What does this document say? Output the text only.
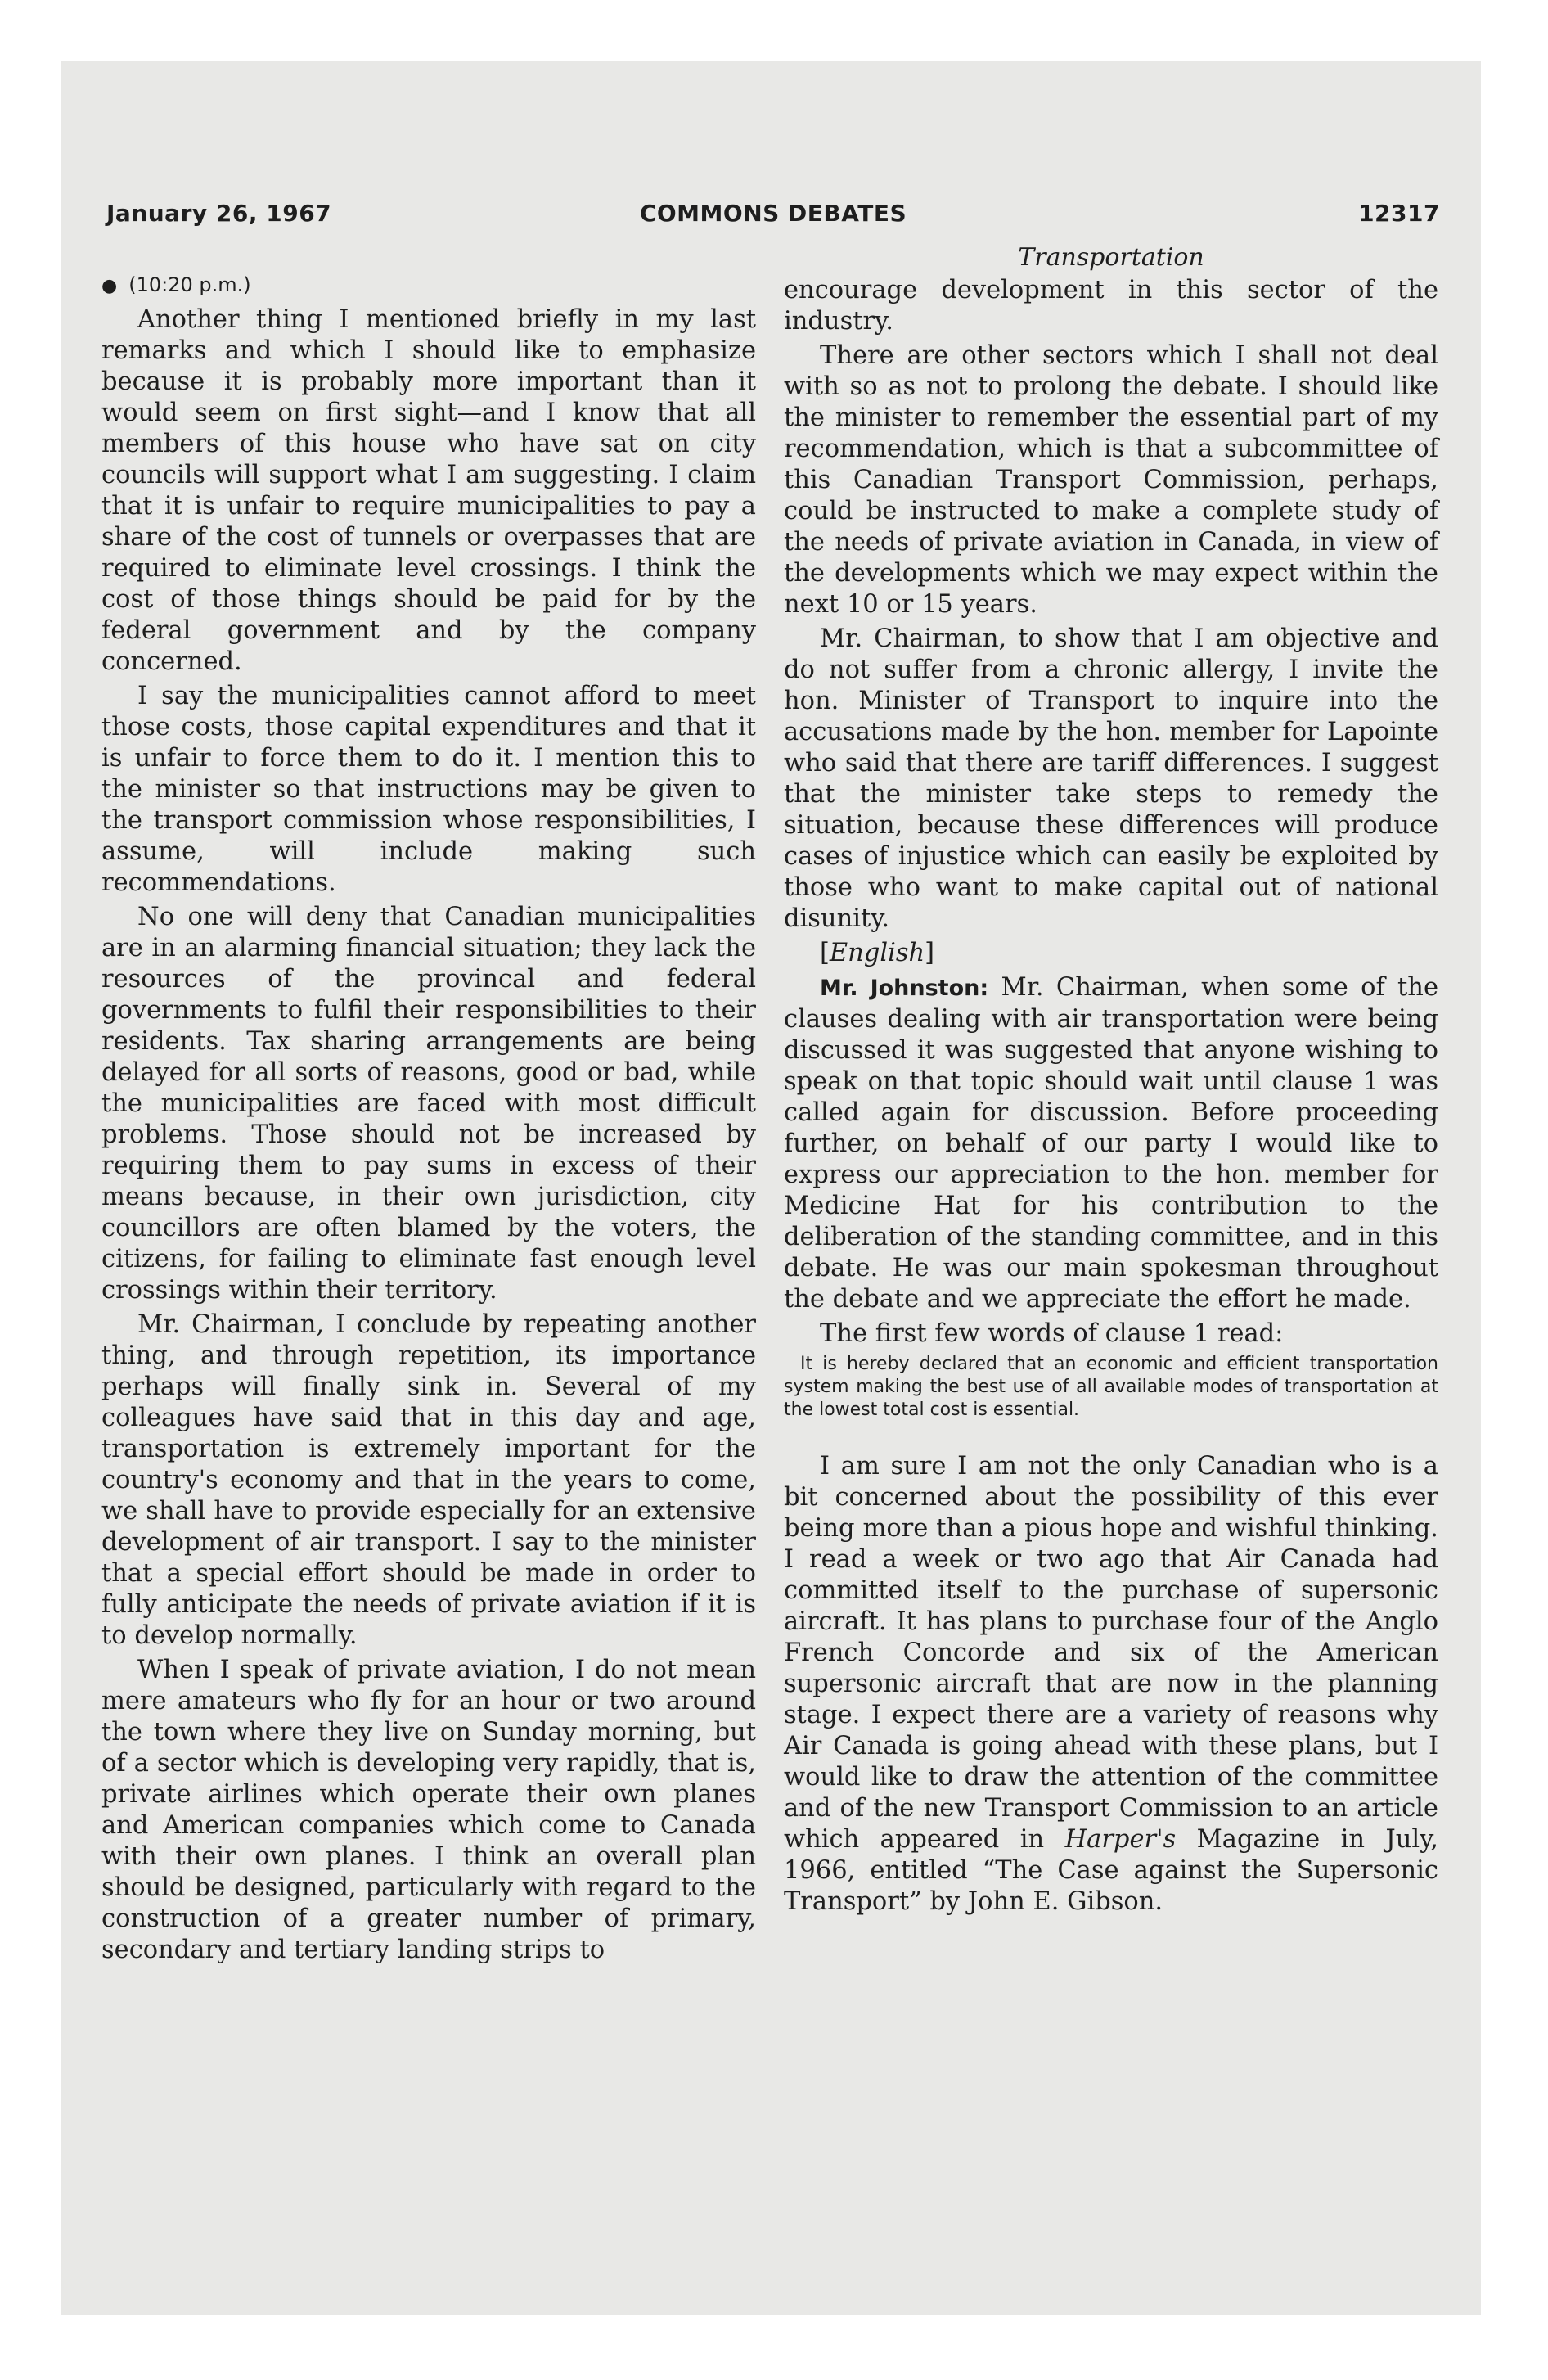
January 26, 1967	COMMONS DEBATES	12317
● (10:20 p.m.)

Another thing I mentioned briefly in my last remarks and which I should like to emphasize because it is probably more important than it would seem on first sight—and I know that all members of this house who have sat on city councils will support what I am suggesting. I claim that it is unfair to require municipalities to pay a share of the cost of tunnels or overpasses that are required to eliminate level crossings. I think the cost of those things should be paid for by the federal government and by the company concerned.

I say the municipalities cannot afford to meet those costs, those capital expenditures and that it is unfair to force them to do it. I mention this to the minister so that instructions may be given to the transport commission whose responsibilities, I assume, will include making such recommendations.

No one will deny that Canadian municipalities are in an alarming financial situation; they lack the resources of the provincal and federal governments to fulfil their responsibilities to their residents. Tax sharing arrangements are being delayed for all sorts of reasons, good or bad, while the municipalities are faced with most difficult problems. Those should not be increased by requiring them to pay sums in excess of their means because, in their own jurisdiction, city councillors are often blamed by the voters, the citizens, for failing to eliminate fast enough level crossings within their territory.

Mr. Chairman, I conclude by repeating another thing, and through repetition, its importance perhaps will finally sink in. Several of my colleagues have said that in this day and age, transportation is extremely important for the country's economy and that in the years to come, we shall have to provide especially for an extensive development of air transport. I say to the minister that a special effort should be made in order to fully anticipate the needs of private aviation if it is to develop normally.

When I speak of private aviation, I do not mean mere amateurs who fly for an hour or two around the town where they live on Sunday morning, but of a sector which is developing very rapidly, that is, private airlines which operate their own planes and American companies which come to Canada with their own planes. I think an overall plan should be designed, particularly with regard to the construction of a greater number of primary, secondary and tertiary landing strips to

Transportation

encourage development in this sector of the industry.

There are other sectors which I shall not deal with so as not to prolong the debate. I should like the minister to remember the essential part of my recommendation, which is that a subcommittee of this Canadian Transport Commission, perhaps, could be instructed to make a complete study of the needs of private aviation in Canada, in view of the developments which we may expect within the next 10 or 15 years.

Mr. Chairman, to show that I am objective and do not suffer from a chronic allergy, I invite the hon. Minister of Transport to inquire into the accusations made by the hon. member for Lapointe who said that there are tariff differences. I suggest that the minister take steps to remedy the situation, because these differences will produce cases of injustice which can easily be exploited by those who want to make capital out of national disunity.

[English]

Mr. Johnston: Mr. Chairman, when some of the clauses dealing with air transportation were being discussed it was suggested that anyone wishing to speak on that topic should wait until clause 1 was called again for discussion. Before proceeding further, on behalf of our party I would like to express our appreciation to the hon. member for Medicine Hat for his contribution to the deliberation of the standing committee, and in this debate. He was our main spokesman throughout the debate and we appreciate the effort he made.

The first few words of clause 1 read:

It is hereby declared that an economic and efficient transportation system making the best use of all available modes of transportation at the lowest total cost is essential.

I am sure I am not the only Canadian who is a bit concerned about the possibility of this ever being more than a pious hope and wishful thinking. I read a week or two ago that Air Canada had committed itself to the purchase of supersonic aircraft. It has plans to purchase four of the Anglo French Concorde and six of the American supersonic aircraft that are now in the planning stage. I expect there are a variety of reasons why Air Canada is going ahead with these plans, but I would like to draw the attention of the committee and of the new Transport Commission to an article which appeared in Harper's Magazine in July, 1966, entitled “The Case against the Supersonic Transport” by John E. Gibson.
